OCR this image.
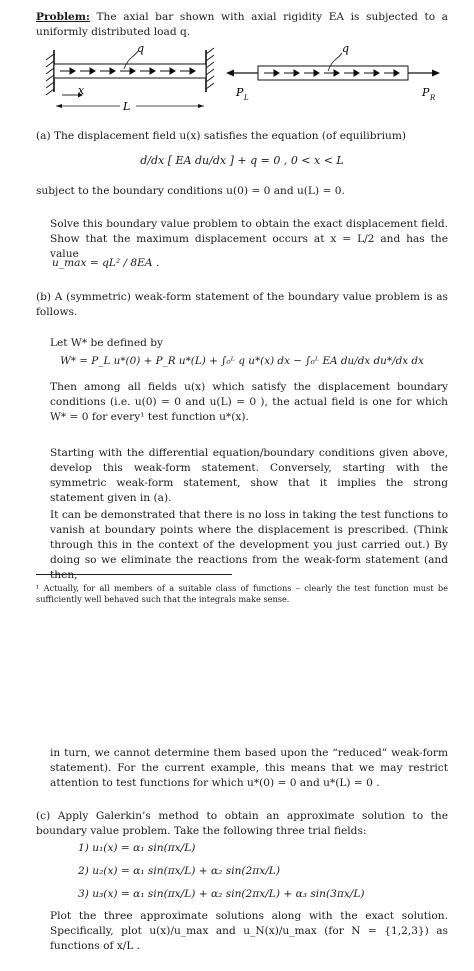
Problem: The axial bar shown with axial rigidity EA is subjected to a uniformly distributed load q.
q
x
L
q
P L	P R
(a) The displacement field u(x) satisfies the equation (of equilibrium)
d/dx [ EA du/dx ] + q = 0 , 0 < x < L
subject to the boundary conditions u(0) = 0 and u(L) = 0.
Solve this boundary value problem to obtain the exact displacement field. Show that the maximum displacement occurs at x = L/2 and has the value
u_max = qL² / 8EA .
(b) A (symmetric) weak-form statement of the boundary value problem is as follows.
Let W* be defined by
W* = P_L u*(0) + P_R u*(L) + ∫₀ᴸ q u*(x) dx − ∫₀ᴸ EA du/dx du*/dx dx
Then among all fields u(x) which satisfy the displacement boundary conditions (i.e. u(0) = 0 and u(L) = 0 ), the actual field is one for which W* = 0 for every¹ test function u*(x).
Starting with the differential equation/boundary conditions given above, develop this weak-form statement. Conversely, starting with the symmetric weak-form statement, show that it implies the strong statement given in (a).
It can be demonstrated that there is no loss in taking the test functions to vanish at boundary points where the displacement is prescribed. (Think through this in the context of the development you just carried out.) By doing so we eliminate the reactions from the weak-form statement (and then,
¹ Actually, for all members of a suitable class of functions – clearly the test function must be sufficiently well behaved such that the integrals make sense.
in turn, we cannot determine them based upon the “reduced” weak-form statement). For the current example, this means that we may restrict attention to test functions for which u*(0) = 0 and u*(L) = 0 .
(c) Apply Galerkin’s method to obtain an approximate solution to the boundary value problem. Take the following three trial fields:
1) u₁(x) = α₁ sin(πx/L)
2) u₂(x) = α₁ sin(πx/L) + α₂ sin(2πx/L)
3) u₃(x) = α₁ sin(πx/L) + α₂ sin(2πx/L) + α₃ sin(3πx/L)
Plot the three approximate solutions along with the exact solution. Specifically, plot u(x)/u_max and u_N(x)/u_max (for N = {1,2,3}) as functions of x/L .
